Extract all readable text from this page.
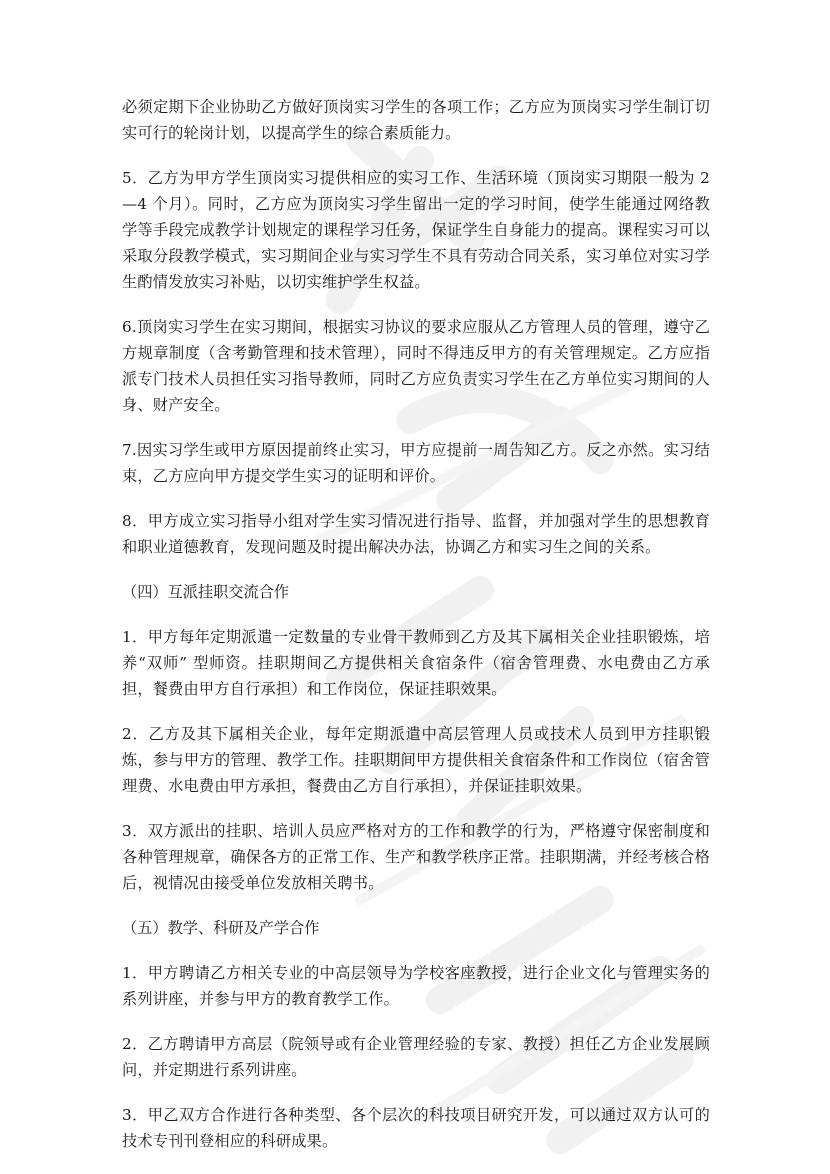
必须定期下企业协助乙方做好顶岗实习学生的各项工作；乙方应为顶岗实习学生制订切实可行的轮岗计划，以提高学生的综合素质能力。

5．乙方为甲方学生顶岗实习提供相应的实习工作、生活环境（顶岗实习期限一般为 2—4 个月）。同时，乙方应为顶岗实习学生留出一定的学习时间，使学生能通过网络教学等手段完成教学计划规定的课程学习任务，保证学生自身能力的提高。课程实习可以采取分段教学模式，实习期间企业与实习学生不具有劳动合同关系，实习单位对实习学生酌情发放实习补贴，以切实维护学生权益。

6.顶岗实习学生在实习期间，根据实习协议的要求应服从乙方管理人员的管理，遵守乙方规章制度（含考勤管理和技术管理），同时不得违反甲方的有关管理规定。乙方应指派专门技术人员担任实习指导教师，同时乙方应负责实习学生在乙方单位实习期间的人身、财产安全。

7.因实习学生或甲方原因提前终止实习，甲方应提前一周告知乙方。反之亦然。实习结束，乙方应向甲方提交学生实习的证明和评价。

8．甲方成立实习指导小组对学生实习情况进行指导、监督，并加强对学生的思想教育和职业道德教育，发现问题及时提出解决办法，协调乙方和实习生之间的关系。

（四）互派挂职交流合作

1．甲方每年定期派遣一定数量的专业骨干教师到乙方及其下属相关企业挂职锻炼，培养“双师” 型师资。挂职期间乙方提供相关食宿条件（宿舍管理费、水电费由乙方承担，餐费由甲方自行承担）和工作岗位，保证挂职效果。

2．乙方及其下属相关企业，每年定期派遣中高层管理人员或技术人员到甲方挂职锻炼，参与甲方的管理、教学工作。挂职期间甲方提供相关食宿条件和工作岗位（宿舍管理费、水电费由甲方承担，餐费由乙方自行承担），并保证挂职效果。

3．双方派出的挂职、培训人员应严格对方的工作和教学的行为，严格遵守保密制度和各种管理规章，确保各方的正常工作、生产和教学秩序正常。挂职期满，并经考核合格后，视情况由接受单位发放相关聘书。

（五）教学、科研及产学合作

1．甲方聘请乙方相关专业的中高层领导为学校客座教授，进行企业文化与管理实务的系列讲座，并参与甲方的教育教学工作。

2．乙方聘请甲方高层（院领导或有企业管理经验的专家、教授）担任乙方企业发展顾问，并定期进行系列讲座。

3．甲乙双方合作进行各种类型、各个层次的科技项目研究开发，可以通过双方认可的技术专刊刊登相应的科研成果。
